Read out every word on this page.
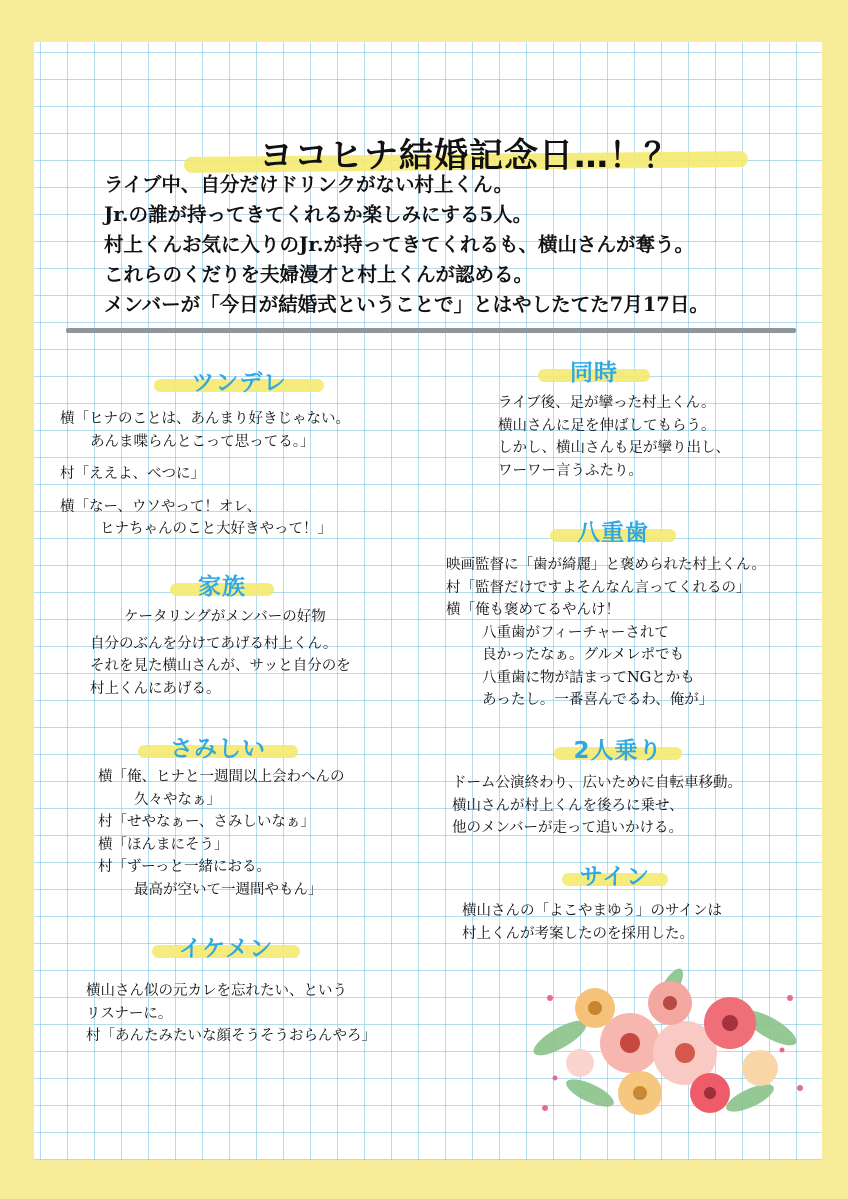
ヨコヒナ結婚記念日…！？
ライブ中、自分だけドリンクがない村上くん。
Jr.の誰が持ってきてくれるか楽しみにする5人。
村上くんお気に入りのJr.が持ってきてくれるも、横山さんが奪う。
これらのくだりを夫婦漫才と村上くんが認める。
メンバーが「今日が結婚式ということで」とはやしたてた7月17日。
ツンデレ
横「ヒナのことは、あんまり好きじゃない。
あんま喋らんとこって思ってる。」
村「ええよ、べつに」
横「なー、ウソやって！オレ、
ヒナちゃんのこと大好きやって！」
家族
ケータリングがメンバーの好物
自分のぶんを分けてあげる村上くん。
それを見た横山さんが、サッと自分のを
村上くんにあげる。
さみしい
横「俺、ヒナと一週間以上会わへんの
久々やなぁ」
村「せやなぁー、さみしいなぁ」
横「ほんまにそう」
村「ずーっと一緒におる。
最高が空いて一週間やもん」
イケメン
横山さん似の元カレを忘れたい、という
リスナーに。
村「あんたみたいな顔そうそうおらんやろ」
同時
ライブ後、足が攣った村上くん。
横山さんに足を伸ばしてもらう。
しかし、横山さんも足が攣り出し、
ワーワー言うふたり。
八重歯
映画監督に「歯が綺麗」と褒められた村上くん。
村「監督だけですよそんなん言ってくれるの」
横「俺も褒めてるやんけ！
八重歯がフィーチャーされて
良かったなぁ。グルメレポでも
八重歯に物が詰まってNGとかも
あったし。一番喜んでるわ、俺が」
2人乗り
ドーム公演終わり、広いために自転車移動。
横山さんが村上くんを後ろに乗せ、
他のメンバーが走って追いかける。
サイン
横山さんの「よこやまゆう」のサインは
村上くんが考案したのを採用した。
